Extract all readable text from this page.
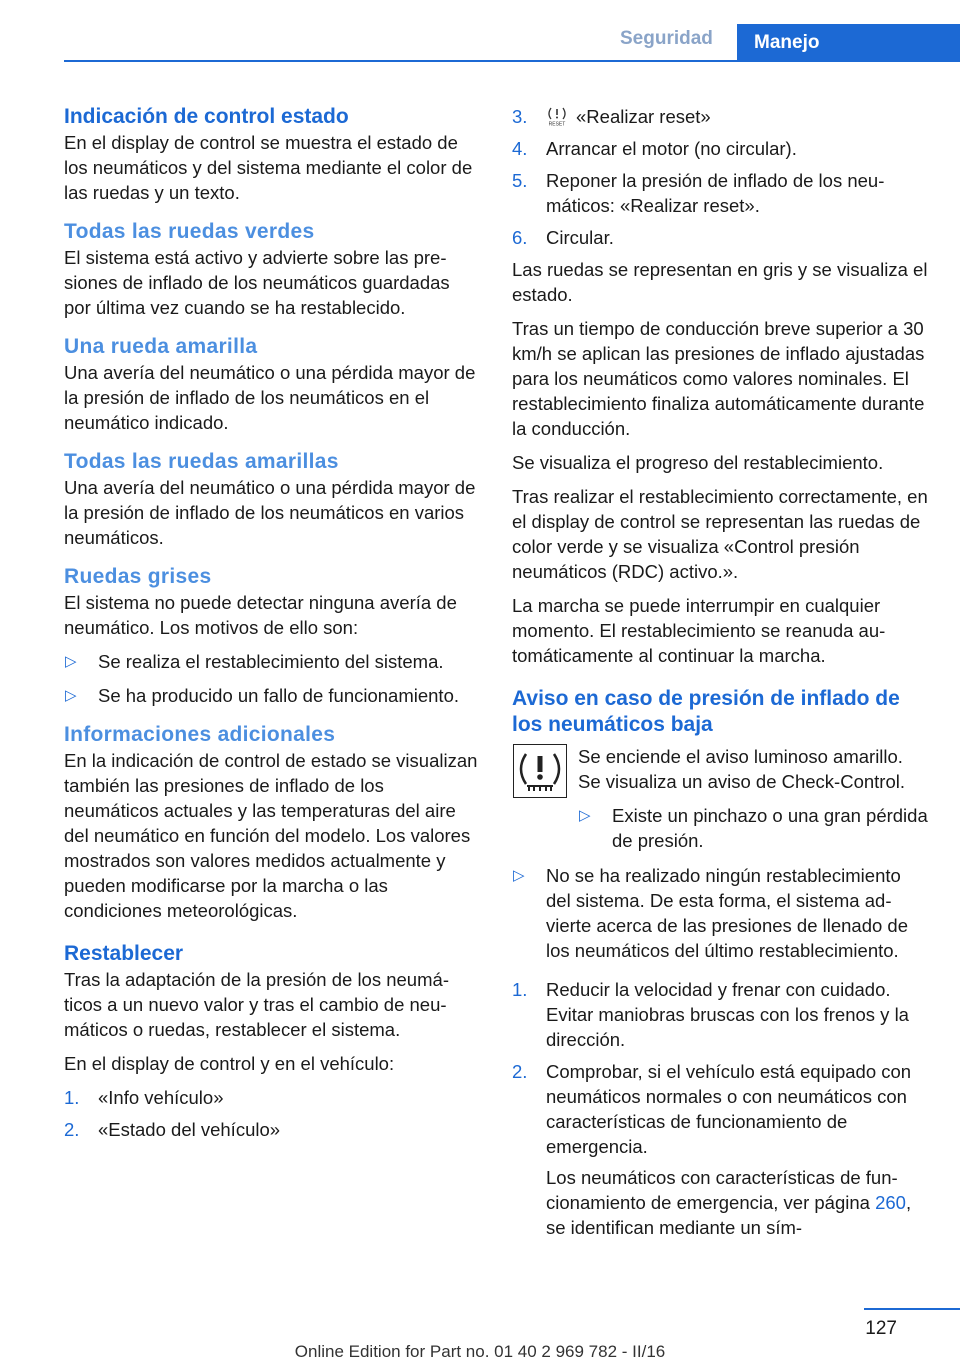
Seguridad	Manejo
Indicación de control estado

En el display de control se muestra el estado de los neumáticos y del sistema mediante el color de las ruedas y un texto.

Todas las ruedas verdes

El sistema está activo y advierte sobre las presiones de inflado de los neumáticos guardadas por última vez cuando se ha restablecido.

Una rueda amarilla

Una avería del neumático o una pérdida mayor de la presión de inflado de los neumáticos en el neumático indicado.

Todas las ruedas amarillas

Una avería del neumático o una pérdida mayor de la presión de inflado de los neumáticos en varios neumáticos.

Ruedas grises

El sistema no puede detectar ninguna avería de neumático. Los motivos de ello son:

▷ Se realiza el restablecimiento del sistema.
▷ Se ha producido un fallo de funcionamiento.
Informaciones adicionales

En la indicación de control de estado se visualizan también las presiones de inflado de los neumáticos actuales y las temperaturas del aire del neumático en función del modelo. Los valores mostrados son valores medidos actualmente y pueden modificarse por la marcha o las condiciones meteorológicas.

Restablecer

Tras la adaptación de la presión de los neumáticos a un nuevo valor y tras el cambio de neumáticos o ruedas, restablecer el sistema.

En el display de control y en el vehículo:

1. «Info vehículo»

2. «Estado del vehículo»

3.	RESET «Realizar reset»

4. Arrancar el motor (no circular).

5. Reponer la presión de inflado de los neumáticos: «Realizar reset».

6. Circular.

Las ruedas se representan en gris y se visualiza el estado.

Tras un tiempo de conducción breve superior a 30 km/h se aplican las presiones de inflado ajustadas para los neumáticos como valores nominales. El restablecimiento finaliza automáticamente durante la conducción.

Se visualiza el progreso del restablecimiento.

Tras realizar el restablecimiento correctamente, en el display de control se representan las ruedas de color verde y se visualiza «Control presión neumáticos (RDC) activo.».

La marcha se puede interrumpir en cualquier momento. El restablecimiento se reanuda automáticamente al continuar la marcha.

Aviso en caso de presión de inflado de los neumáticos baja

Se enciende el aviso luminoso amarillo. Se visualiza un aviso de Check-Control.

▷ Existe un pinchazo o una gran pérdida de presión.
▷ No se ha realizado ningún restablecimiento del sistema. De esta forma, el sistema advierte acerca de las presiones de llenado de los neumáticos del último restablecimiento.
1. Reducir la velocidad y frenar con cuidado. Evitar maniobras bruscas con los frenos y la dirección.

2. Comprobar, si el vehículo está equipado con neumáticos normales o con neumáticos con características de funcionamiento de emergencia.

Los neumáticos con características de funcionamiento de emergencia, ver página 260, se identifican mediante un sím-

127
Online Edition for Part no. 01 40 2 969 782 - II/16
